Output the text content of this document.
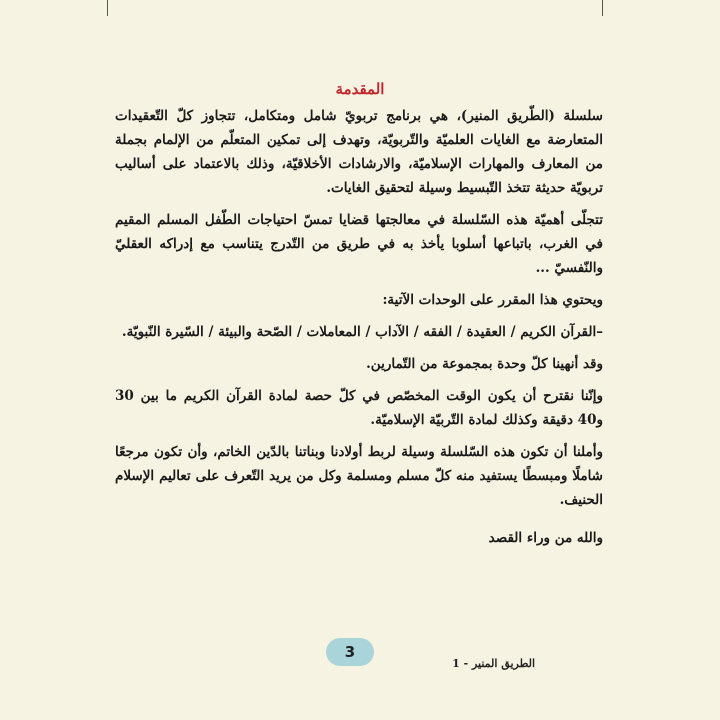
المقدمة

سلسلة (الطّريق المنير)، هي برنامج تربويّ شامل ومتكامل، تتجاوز كلّ التّعقيدات المتعارضة مع الغايات العلميّة والتّربويّة، وتهدف إلى تمكين المتعلّم من الإلمام بجملة من المعارف والمهارات الإسلاميّة، والارشادات الأخلاقيّة، وذلك بالاعتماد على أساليب تربويّة حديثة تتخذ التّبسيط وسيلة لتحقيق الغايات.

تتجلّى أهميّة هذه السّلسلة في معالجتها قضايا تمسّ احتياجات الطّفل المسلم المقيم في الغرب، باتباعها أسلوبا يأخذ به في طريق من التّدرج يتناسب مع إدراكه العقليّ والنّفسيّ ...

ويحتوي هذا المقرر على الوحدات الآتية:

–القرآن الكريم / العقيدة / الفقه / الآداب / المعاملات / الصّحة والبيئة / السّيرة النّبويّة.

وقد أنهينا كلّ وحدة بمجموعة من التّمارين.

وإنّنا نقترح أن يكون الوقت المخصّص في كلّ حصة لمادة القرآن الكريم ما بين 30 و40 دقيقة وكذلك لمادة التّربيّة الإسلاميّة.

وأملنا أن تكون هذه السّلسلة وسيلة لربط أولادنا وبناتنا بالدّين الخاتم، وأن تكون مرجعًا شاملًا ومبسطًا يستفيد منه كلّ مسلم ومسلمة وكل من يريد التّعرف على تعاليم الإسلام الحنيف.

والله من وراء القصد

3
الطريق المنير - 1
